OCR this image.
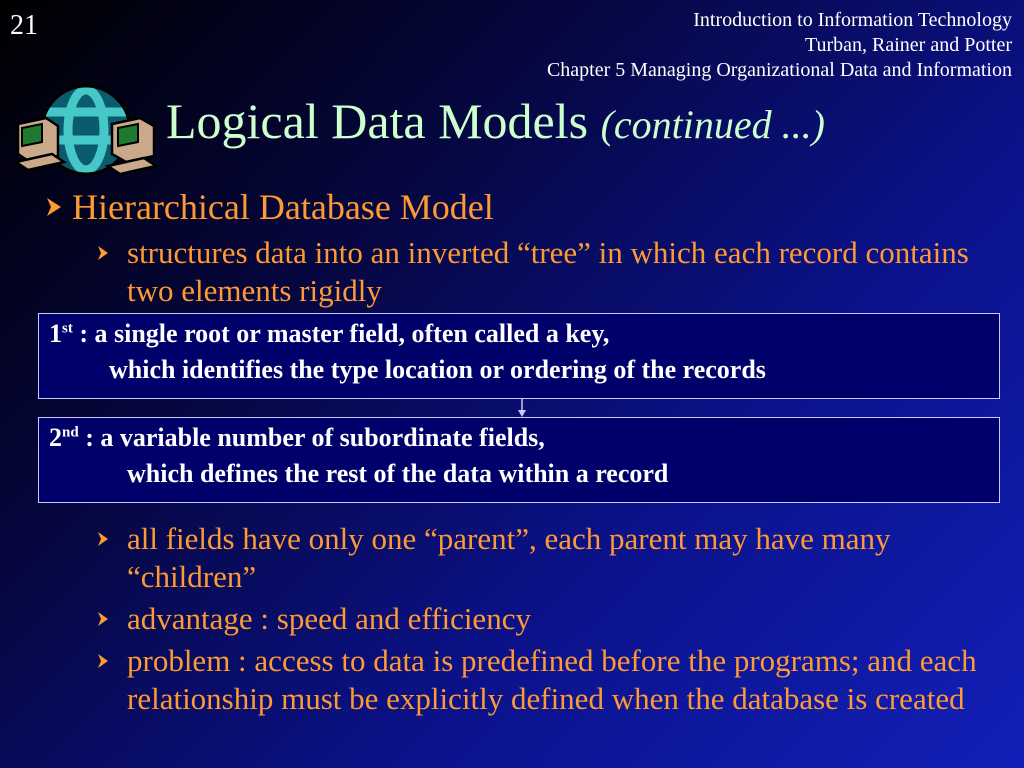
21	Introduction to Information Technology
Turban, Rainer and Potter
Chapter 5 Managing Organizational Data and Information
Logical Data Models (continued ...)
Hierarchical Database Model
structures data into an inverted “tree” in which each record contains two elements rigidly
1st : a single root or master field, often called a key,
which identifies the type location or ordering of the records
2nd : a variable number of subordinate fields,
which defines the rest of the data within a record
all fields have only one “parent”, each parent may have many “children”
advantage : speed and efficiency
problem : access to data is predefined before the programs; and each relationship must be explicitly defined when the database is created
